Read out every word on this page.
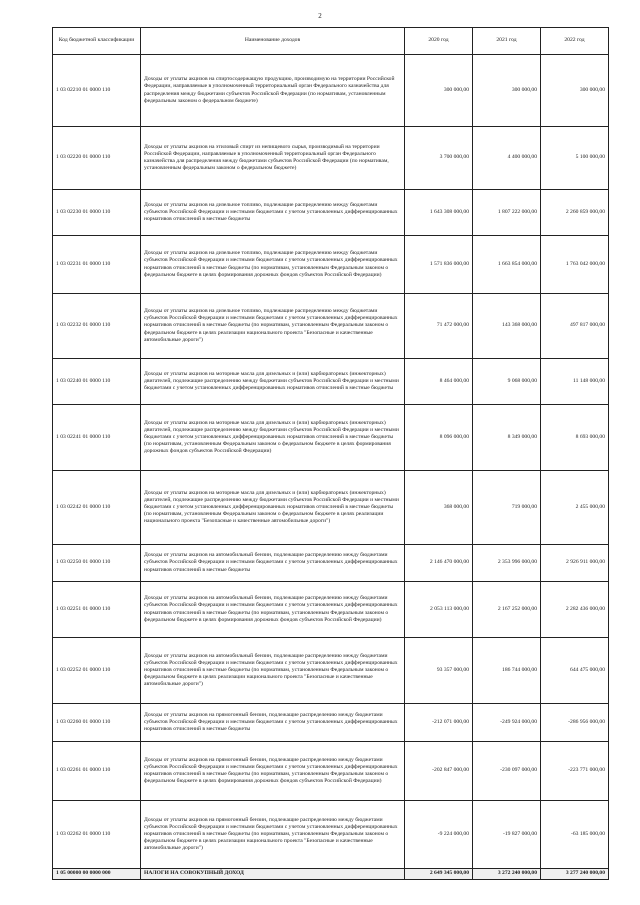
2
Код бюджетной классификации	Наименование доходов	2020 год	2021 год	2022 год
1 03 02210 01 0000 110	Доходы от уплаты акцизов на спиртосодержащую продукцию, производимую на территории Российской Федерации, направляемые в уполномоченный территориальный орган Федерального казначейства для распределения между бюджетами субъектов Российской Федерации (по нормативам, установленным федеральным законом о федеральном бюджете)	300 000,00	300 000,00	300 000,00
1 03 02220 01 0000 110	Доходы от уплаты акцизов на этиловый спирт из непищевого сырья, производимый на территории Российской Федерации, направляемые в уполномоченный территориальный орган Федерального казначейства для распределения между бюджетами субъектов Российской Федерации (по нормативам, установленным федеральным законом о федеральном бюджете)	3 700 000,00	4 400 000,00	5 100 000,00
1 03 02230 01 0000 110	Доходы от уплаты акцизов на дизельное топливо, подлежащие распределению между бюджетами субъектов Российской Федерации и местными бюджетами с учетом установленных дифференцированных нормативов отчислений в местные бюджеты	1 643 308 000,00	1 807 222 000,00	2 260 859 000,00
1 03 02231 01 0000 110	Доходы от уплаты акцизов на дизельное топливо, подлежащие распределению между бюджетами субъектов Российской Федерации и местными бюджетами с учетом установленных дифференцированных нормативов отчислений в местные бюджеты (по нормативам, установленным Федеральным законом о федеральном бюджете в целях формирования дорожных фондов субъектов Российской Федерации)	1 571 836 000,00	1 663 854 000,00	1 763 042 000,00
1 03 02232 01 0000 110	Доходы от уплаты акцизов на дизельное топливо, подлежащие распределению между бюджетами субъектов Российской Федерации и местными бюджетами с учетом установленных дифференцированных нормативов отчислений в местные бюджеты (по нормативам, установленным Федеральным законом о федеральном бюджете в целях реализации национального проекта "Безопасные и качественные автомобильные дороги")	71 472 000,00	143 368 000,00	497 817 000,00
1 03 02240 01 0000 110	Доходы от уплаты акцизов на моторные масла для дизельных и (или) карбюраторных (инжекторных) двигателей, подлежащие распределению между бюджетами субъектов Российской Федерации и местными бюджетами с учетом установленных дифференцированных нормативов отчислений в местные бюджеты	8 464 000,00	9 068 000,00	11 148 000,00
1 03 02241 01 0000 110	Доходы от уплаты акцизов на моторные масла для дизельных и (или) карбюраторных (инжекторных) двигателей, подлежащие распределению между бюджетами субъектов Российской Федерации и местными бюджетами с учетом установленных дифференцированных нормативов отчислений в местные бюджеты (по нормативам, установленным Федеральным законом о федеральном бюджете в целях формирования дорожных фондов субъектов Российской Федерации)	8 096 000,00	8 349 000,00	8 693 000,00
1 03 02242 01 0000 110	Доходы от уплаты акцизов на моторные масла для дизельных и (или) карбюраторных (инжекторных) двигателей, подлежащие распределению между бюджетами субъектов Российской Федерации и местными бюджетами с учетом установленных дифференцированных нормативов отчислений в местные бюджеты (по нормативам, установленным Федеральным законом о федеральном бюджете в целях реализации национального проекта "Безопасные и качественные автомобильные дороги")	368 000,00	719 000,00	2 455 000,00
1 03 02250 01 0000 110	Доходы от уплаты акцизов на автомобильный бензин, подлежащие распределению между бюджетами субъектов Российской Федерации и местными бюджетами с учетом установленных дифференцированных нормативов отчислений в местные бюджеты	2 146 470 000,00	2 353 996 000,00	2 926 911 000,00
1 03 02251 01 0000 110	Доходы от уплаты акцизов на автомобильный бензин, подлежащие распределению между бюджетами субъектов Российской Федерации и местными бюджетами с учетом установленных дифференцированных нормативов отчислений в местные бюджеты (по нормативам, установленным Федеральным законом о федеральном бюджете в целях формирования дорожных фондов субъектов Российской Федерации)	2 053 113 000,00	2 167 252 000,00	2 282 436 000,00
1 03 02252 01 0000 110	Доходы от уплаты акцизов на автомобильный бензин, подлежащие распределению между бюджетами субъектов Российской Федерации и местными бюджетами с учетом установленных дифференцированных нормативов отчислений в местные бюджеты (по нормативам, установленным Федеральным законом о федеральном бюджете в целях реализации национального проекта "Безопасные и качественные автомобильные дороги")	93 357 000,00	186 744 000,00	644 475 000,00
1 03 02260 01 0000 110	Доходы от уплаты акцизов на прямогонный бензин, подлежащие распределению между бюджетами субъектов Российской Федерации и местными бюджетами с учетом установленных дифференцированных нормативов отчислений в местные бюджеты	-212 071 000,00	-249 924 000,00	-286 956 000,00
1 03 02261 01 0000 110	Доходы от уплаты акцизов на прямогонный бензин, подлежащие распределению между бюджетами субъектов Российской Федерации и местными бюджетами с учетом установленных дифференцированных нормативов отчислений в местные бюджеты (по нормативам, установленным Федеральным законом о федеральном бюджете в целях формирования дорожных фондов субъектов Российской Федерации)	-202 847 000,00	-230 097 000,00	-223 771 000,00
1 03 02262 01 0000 110	Доходы от уплаты акцизов на прямогонный бензин, подлежащие распределению между бюджетами субъектов Российской Федерации и местными бюджетами с учетом установленных дифференцированных нормативов отчислений в местные бюджеты (по нормативам, установленным Федеральным законом о федеральном бюджете в целях реализации национального проекта "Безопасные и качественные автомобильные дороги")	-9 224 000,00	-19 827 000,00	-63 185 000,00
1 05 00000 00 0000 000	НАЛОГИ НА СОВОКУПНЫЙ ДОХОД	2 649 345 000,00	3 272 240 000,00	3 277 240 000,00
